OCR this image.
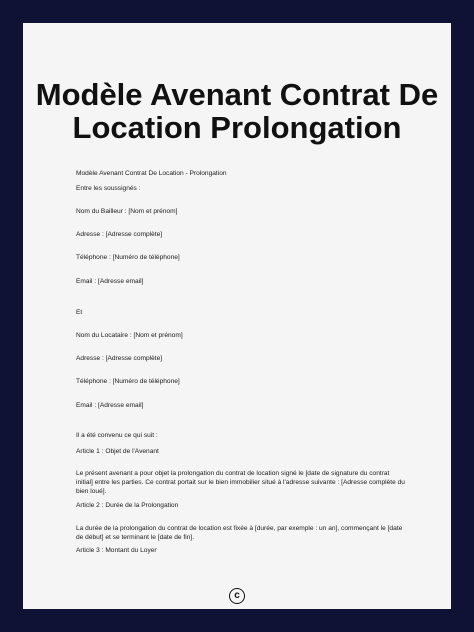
Modèle Avenant Contrat De Location Prolongation

Modèle Avenant Contrat De Location - Prolongation

Entre les soussignés :

Nom du Bailleur : [Nom et prénom]

Adresse : [Adresse complète]

Téléphone : [Numéro de téléphone]

Email : [Adresse email]

Et

Nom du Locataire : [Nom et prénom]

Adresse : [Adresse complète]

Téléphone : [Numéro de téléphone]

Email : [Adresse email]

Il a été convenu ce qui suit :

Article 1 : Objet de l'Avenant

Le présent avenant a pour objet la prolongation du contrat de location signé le [date de signature du contrat initial] entre les parties. Ce contrat portait sur le bien immobilier situé à l'adresse suivante : [Adresse complète du bien loué].

Article 2 : Durée de la Prolongation

La durée de la prolongation du contrat de location est fixée à [durée, par exemple : un an], commençant le [date de début] et se terminant le [date de fin].

Article 3 : Montant du Loyer

c
